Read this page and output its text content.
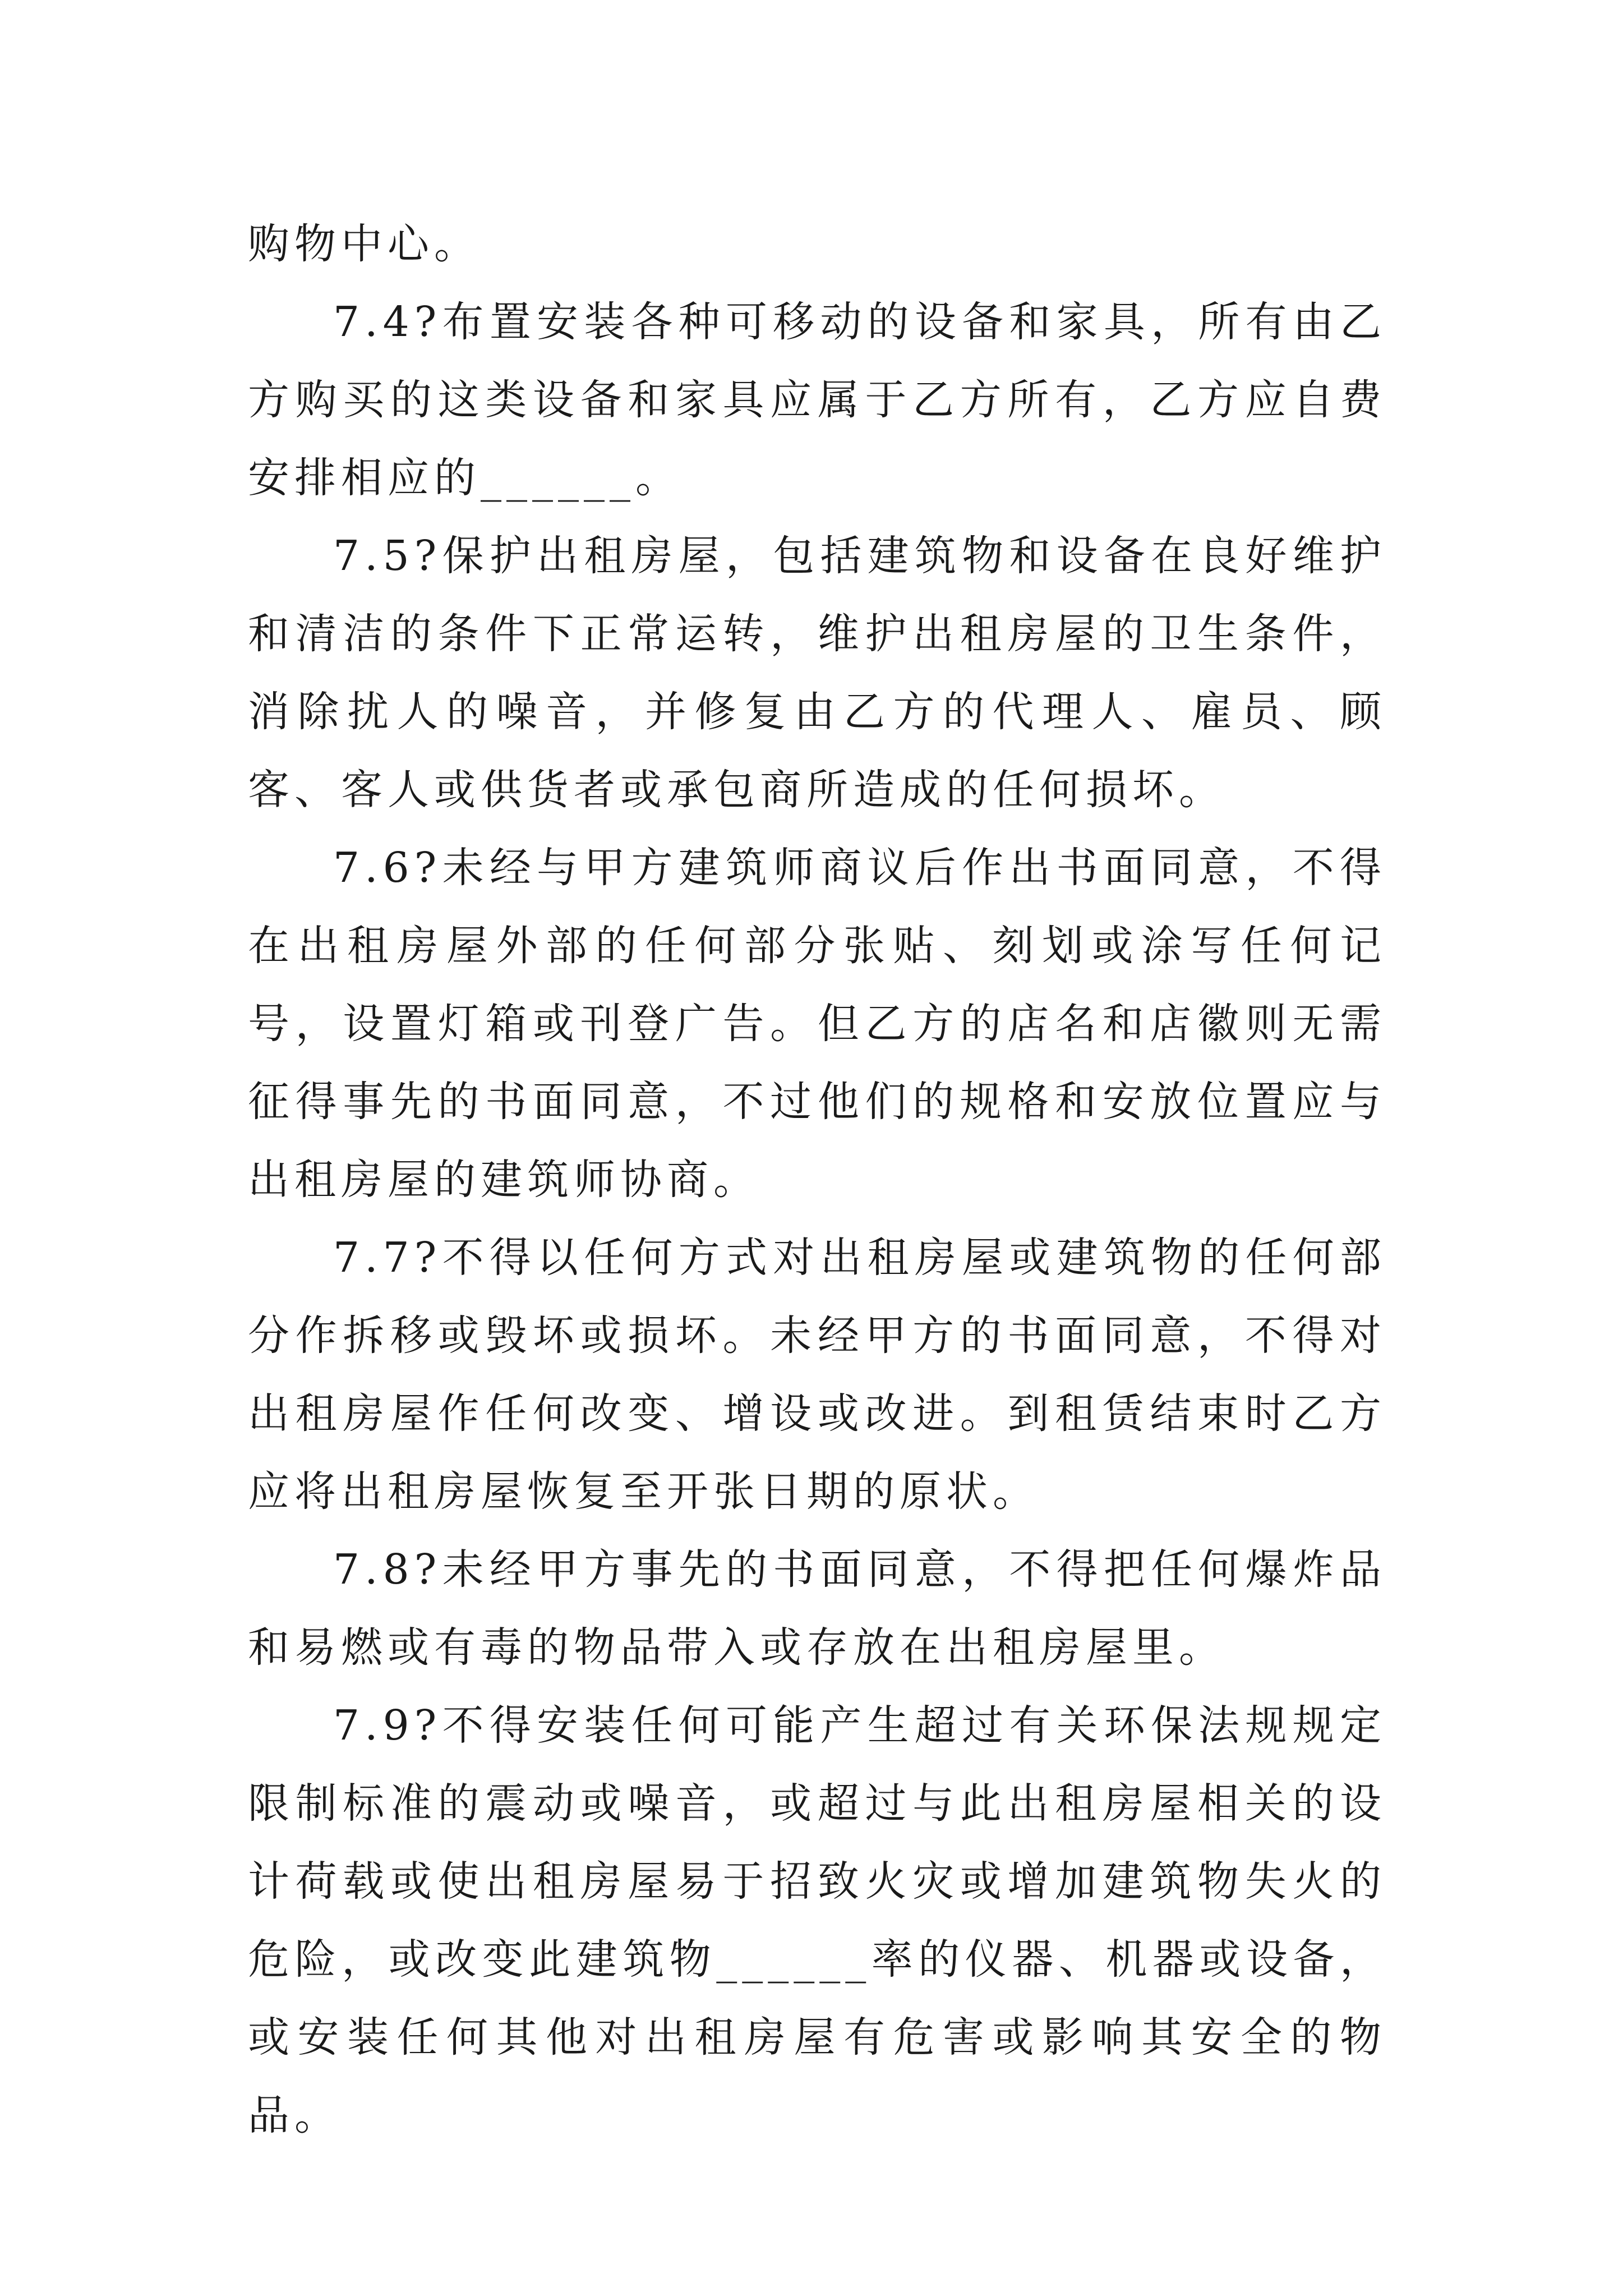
购物中心。

7.4?布置安装各种可移动的设备和家具，所有由乙方购买的这类设备和家具应属于乙方所有，乙方应自费安排相应的______。

7.5?保护出租房屋，包括建筑物和设备在良好维护和清洁的条件下正常运转，维护出租房屋的卫生条件，消除扰人的噪音，并修复由乙方的代理人、雇员、顾客、客人或供货者或承包商所造成的任何损坏。

7.6?未经与甲方建筑师商议后作出书面同意，不得在出租房屋外部的任何部分张贴、刻划或涂写任何记号，设置灯箱或刊登广告。但乙方的店名和店徽则无需征得事先的书面同意，不过他们的规格和安放位置应与出租房屋的建筑师协商。

7.7?不得以任何方式对出租房屋或建筑物的任何部分作拆移或毁坏或损坏。未经甲方的书面同意，不得对出租房屋作任何改变、增设或改进。到租赁结束时乙方应将出租房屋恢复至开张日期的原状。

7.8?未经甲方事先的书面同意，不得把任何爆炸品和易燃或有毒的物品带入或存放在出租房屋里。

7.9?不得安装任何可能产生超过有关环保法规规定限制标准的震动或噪音，或超过与此出租房屋相关的设计荷载或使出租房屋易于招致火灾或增加建筑物失火的危险，或改变此建筑物______率的仪器、机器或设备，或安装任何其他对出租房屋有危害或影响其安全的物品。
